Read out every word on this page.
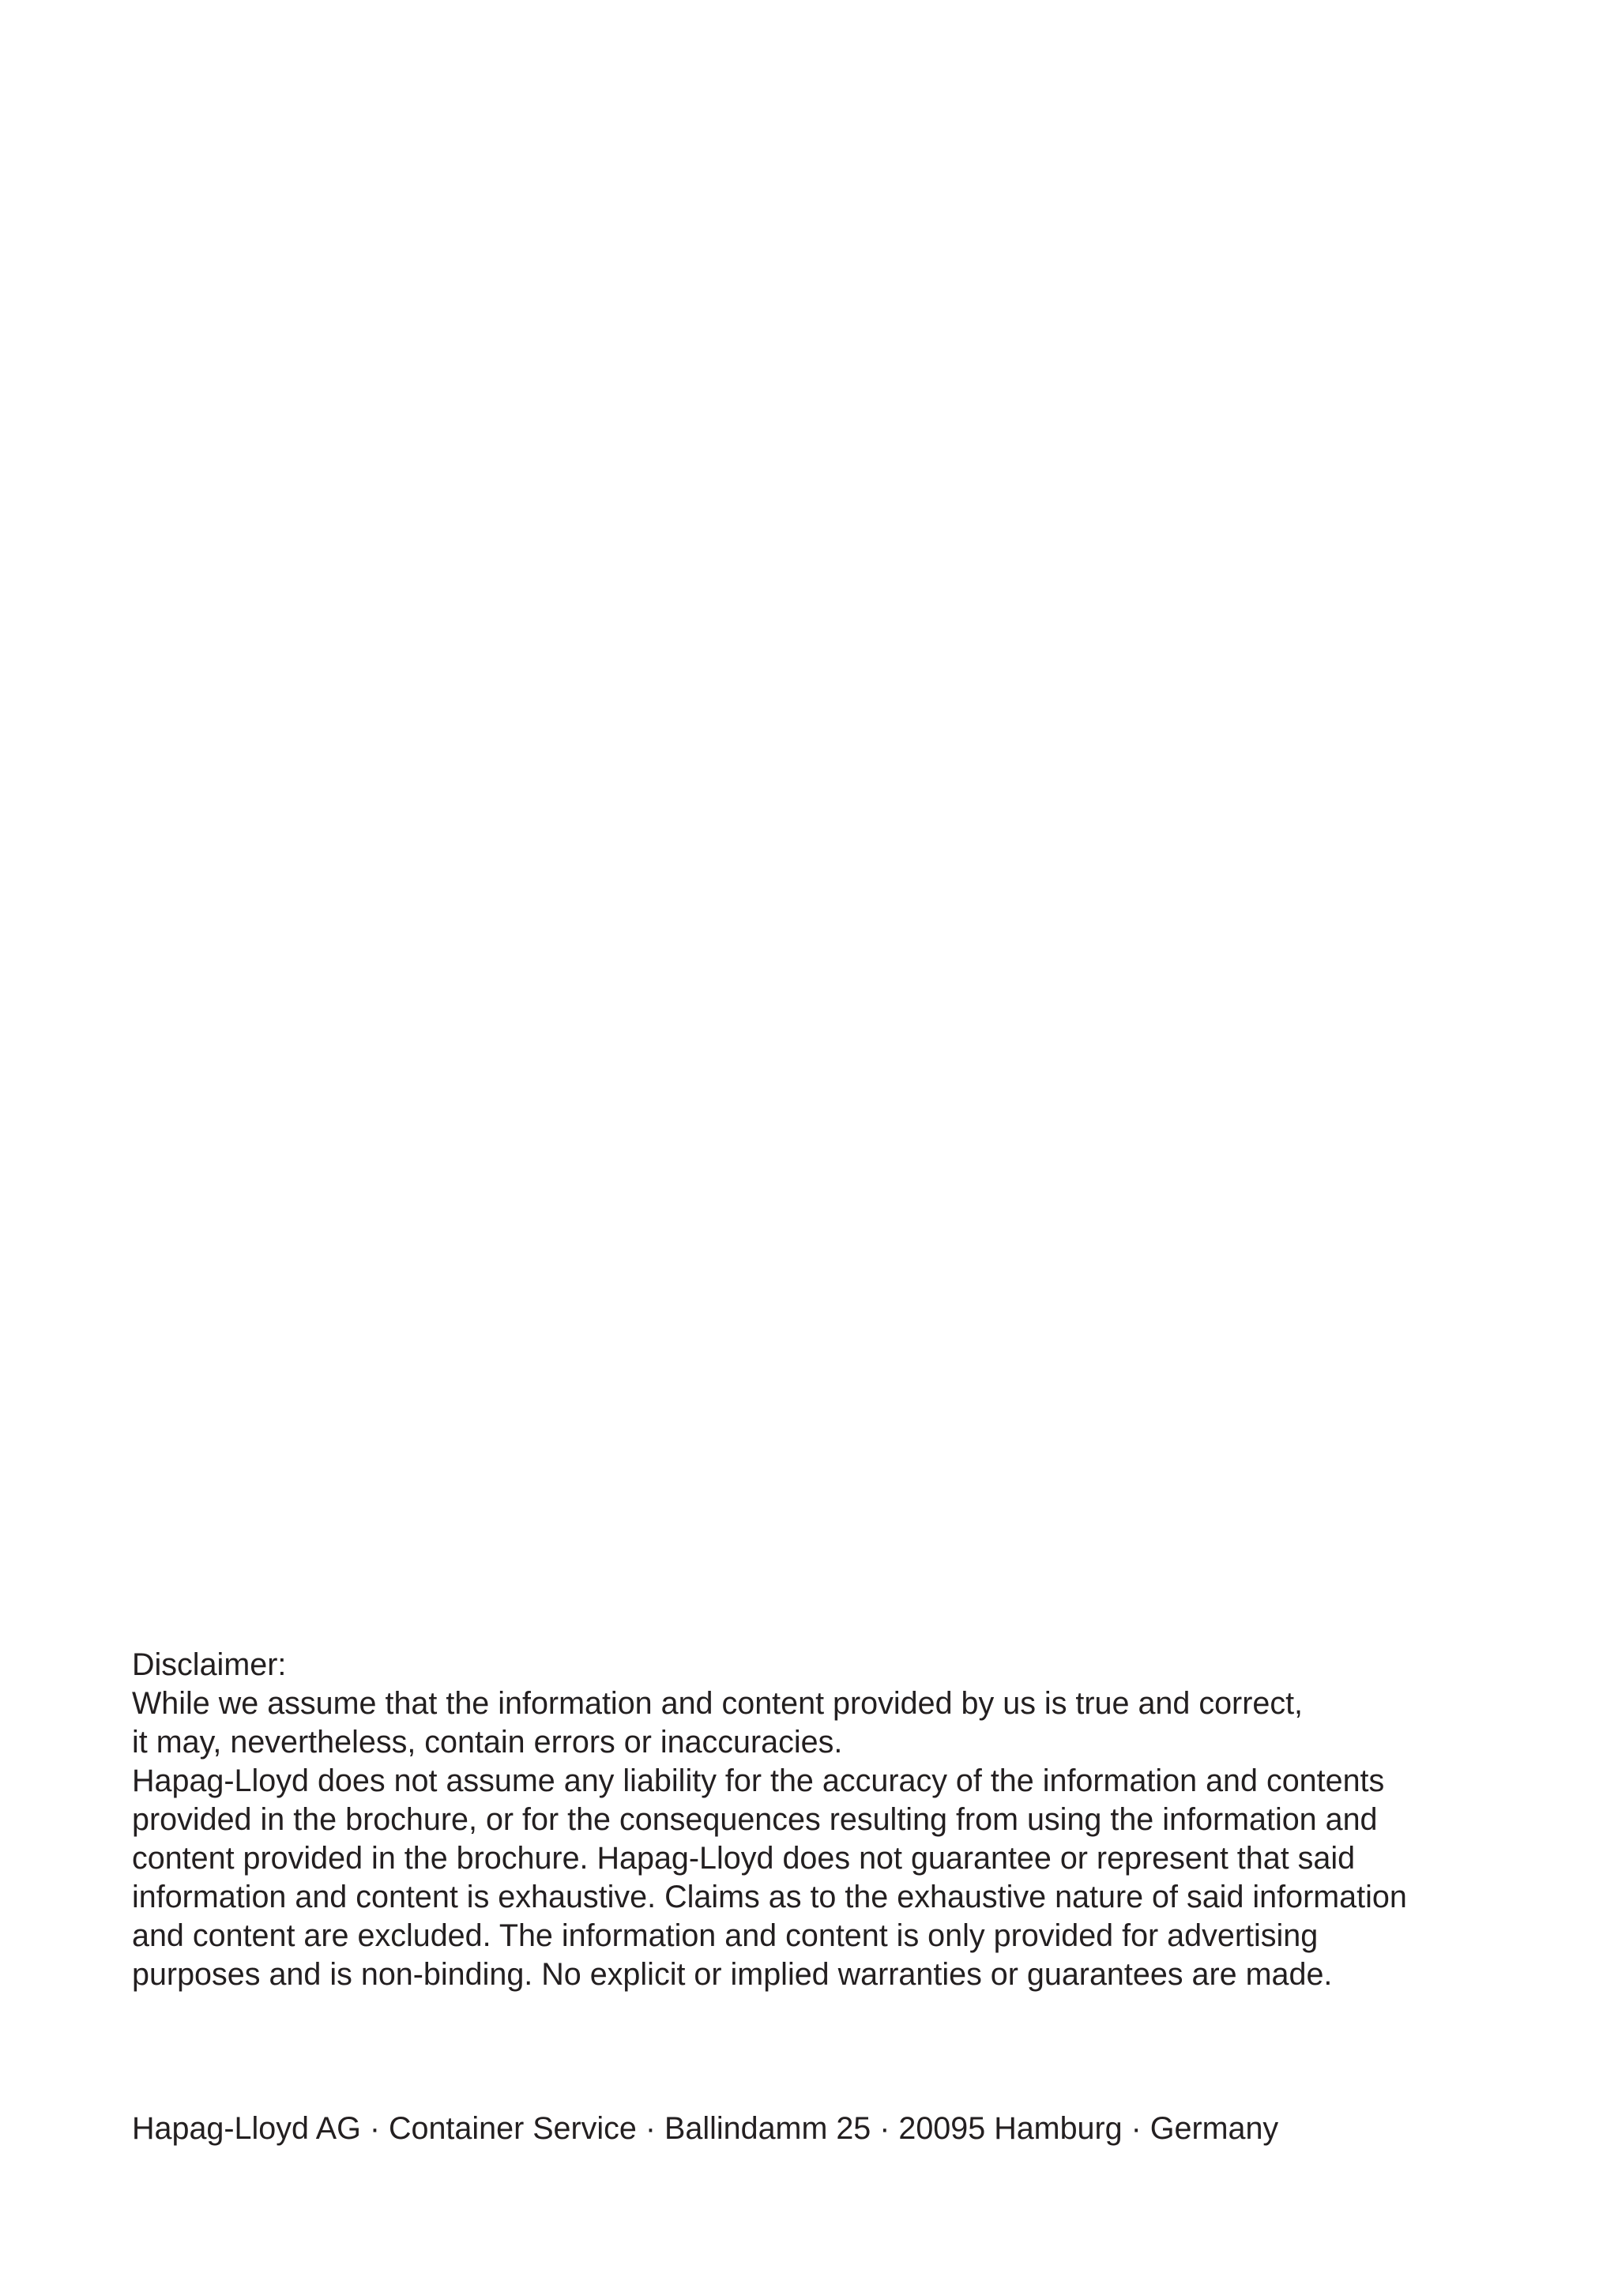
Disclaimer:
While we assume that the information and content provided by us is true and correct,
it may, nevertheless, contain errors or inaccuracies.
Hapag-Lloyd does not assume any liability for the accuracy of the information and contents
provided in the brochure, or for the consequences resulting from using the information and
content provided in the brochure. Hapag-Lloyd does not guarantee or represent that said
information and content is exhaustive. Claims as to the exhaustive nature of said information
and content are excluded. The information and content is only provided for advertising
purposes and is non-binding. No explicit or implied warranties or guarantees are made.
Hapag-Lloyd AG · Container Service · Ballindamm 25 · 20095 Hamburg · Germany
